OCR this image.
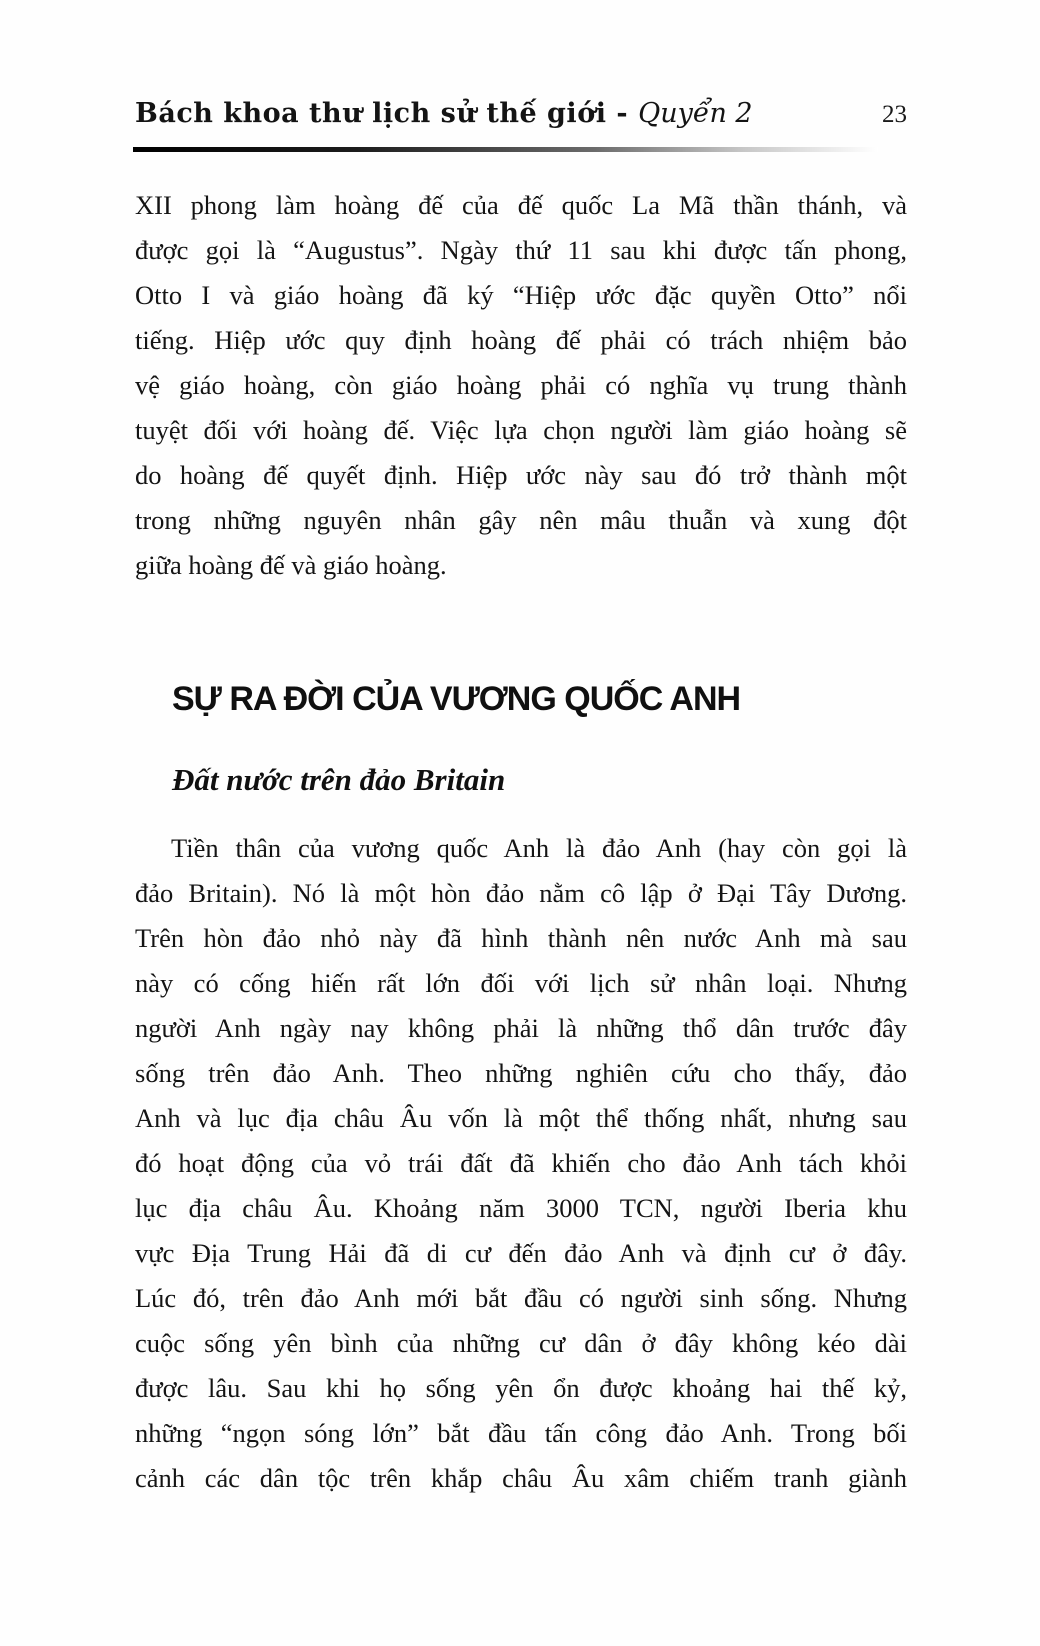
Bách khoa thư lịch sử thế giới - Quyển 2	23
XII phong làm hoàng đế của đế quốc La Mã thần thánh, và
được gọi là “Augustus”. Ngày thứ 11 sau khi được tấn phong,
Otto I và giáo hoàng đã ký “Hiệp ước đặc quyền Otto” nổi
tiếng. Hiệp ước quy định hoàng đế phải có trách nhiệm bảo
vệ giáo hoàng, còn giáo hoàng phải có nghĩa vụ trung thành
tuyệt đối với hoàng đế. Việc lựa chọn người làm giáo hoàng sẽ
do hoàng đế quyết định. Hiệp ước này sau đó trở thành một
trong những nguyên nhân gây nên mâu thuẫn và xung đột
giữa hoàng đế và giáo hoàng.
SỰ RA ĐỜI CỦA VƯƠNG QUỐC ANH
Đất nước trên đảo Britain
Tiền thân của vương quốc Anh là đảo Anh (hay còn gọi là
đảo Britain). Nó là một hòn đảo nằm cô lập ở Đại Tây Dương.
Trên hòn đảo nhỏ này đã hình thành nên nước Anh mà sau
này có cống hiến rất lớn đối với lịch sử nhân loại. Nhưng
người Anh ngày nay không phải là những thổ dân trước đây
sống trên đảo Anh. Theo những nghiên cứu cho thấy, đảo
Anh và lục địa châu Âu vốn là một thể thống nhất, nhưng sau
đó hoạt động của vỏ trái đất đã khiến cho đảo Anh tách khỏi
lục địa châu Âu. Khoảng năm 3000 TCN, người Iberia khu
vực Địa Trung Hải đã di cư đến đảo Anh và định cư ở đây.
Lúc đó, trên đảo Anh mới bắt đầu có người sinh sống. Nhưng
cuộc sống yên bình của những cư dân ở đây không kéo dài
được lâu. Sau khi họ sống yên ổn được khoảng hai thế kỷ,
những “ngọn sóng lớn” bắt đầu tấn công đảo Anh. Trong bối
cảnh các dân tộc trên khắp châu Âu xâm chiếm tranh giành
